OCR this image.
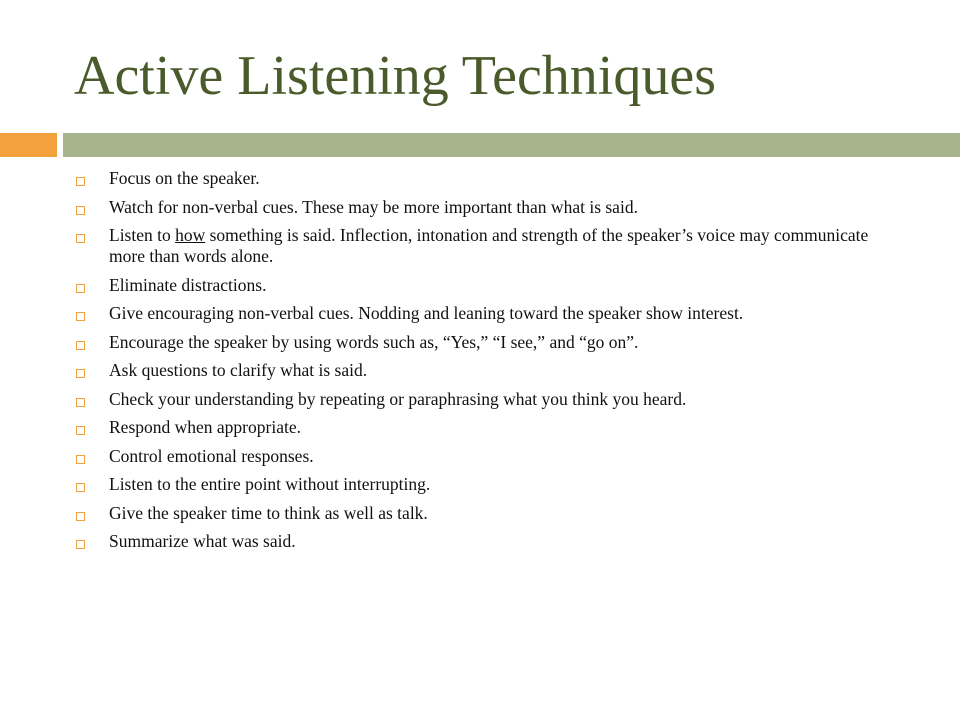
Active Listening Techniques
Focus on the speaker.
Watch for non-verbal cues. These may be more important than what is said.
Listen to how something is said. Inflection, intonation and strength of the speaker’s voice may communicate more than words alone.
Eliminate distractions.
Give encouraging non-verbal cues. Nodding and leaning toward the speaker show interest.
Encourage the speaker by using words such as, “Yes,” “I see,” and “go on”.
Ask questions to clarify what is said.
Check your understanding by repeating or paraphrasing what you think you heard.
Respond when appropriate.
Control emotional responses.
Listen to the entire point without interrupting.
Give the speaker time to think as well as talk.
Summarize what was said.
